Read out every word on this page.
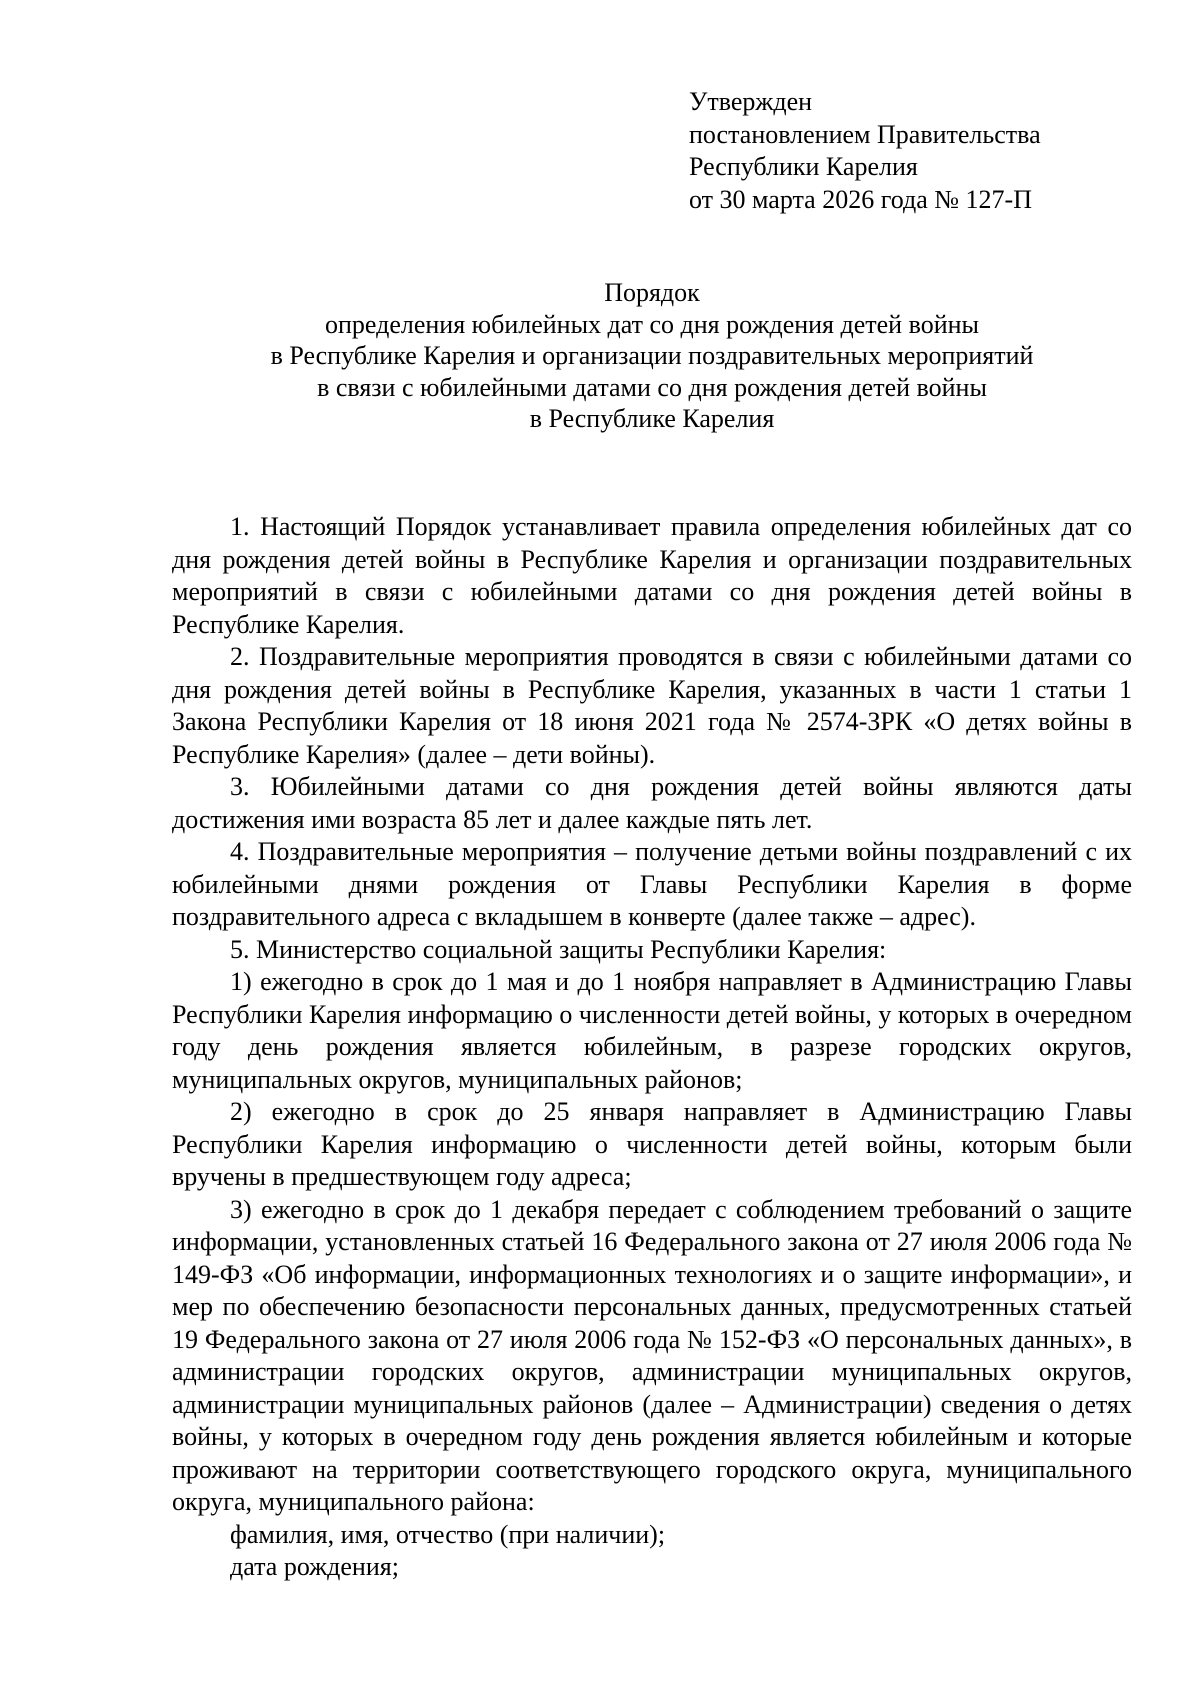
Утвержден
постановлением Правительства
Республики Карелия
от 30 марта 2026 года № 127-П
Порядок
определения юбилейных дат со дня рождения детей войны
в Республике Карелия и организации поздравительных мероприятий
в связи с юбилейными датами со дня рождения детей войны
в Республике Карелия

1. Настоящий Порядок устанавливает правила определения юбилейных дат со дня рождения детей войны в Республике Карелия и организации поздравительных мероприятий в связи с юбилейными датами со дня рождения детей войны в Республике Карелия.

2. Поздравительные мероприятия проводятся в связи с юбилейными датами со дня рождения детей войны в Республике Карелия, указанных в части 1 статьи 1 Закона Республики Карелия от 18 июня 2021 года № 2574-ЗРК «О детях войны в Республике Карелия» (далее – дети войны).

3. Юбилейными датами со дня рождения детей войны являются даты достижения ими возраста 85 лет и далее каждые пять лет.

4. Поздравительные мероприятия – получение детьми войны поздравлений с их юбилейными днями рождения от Главы Республики Карелия в форме поздравительного адреса с вкладышем в конверте (далее также – адрес).

5. Министерство социальной защиты Республики Карелия:

1) ежегодно в срок до 1 мая и до 1 ноября направляет в Администрацию Главы Республики Карелия информацию о численности детей войны, у которых в очередном году день рождения является юбилейным, в разрезе городских округов, муниципальных округов, муниципальных районов;

2) ежегодно в срок до 25 января направляет в Администрацию Главы Республики Карелия информацию о численности детей войны, которым были вручены в предшествующем году адреса;

3) ежегодно в срок до 1 декабря передает с соблюдением требований о защите информации, установленных статьей 16 Федерального закона от 27 июля 2006 года № 149-ФЗ «Об информации, информационных технологиях и о защите информации», и мер по обеспечению безопасности персональных данных, предусмотренных статьей 19 Федерального закона от 27 июля 2006 года № 152-ФЗ «О персональных данных», в администрации городских округов, администрации муниципальных округов, администрации муниципальных районов (далее – Администрации) сведения о детях войны, у которых в очередном году день рождения является юбилейным и которые проживают на территории соответствующего городского округа, муниципального округа, муниципального района:

фамилия, имя, отчество (при наличии);

дата рождения;
